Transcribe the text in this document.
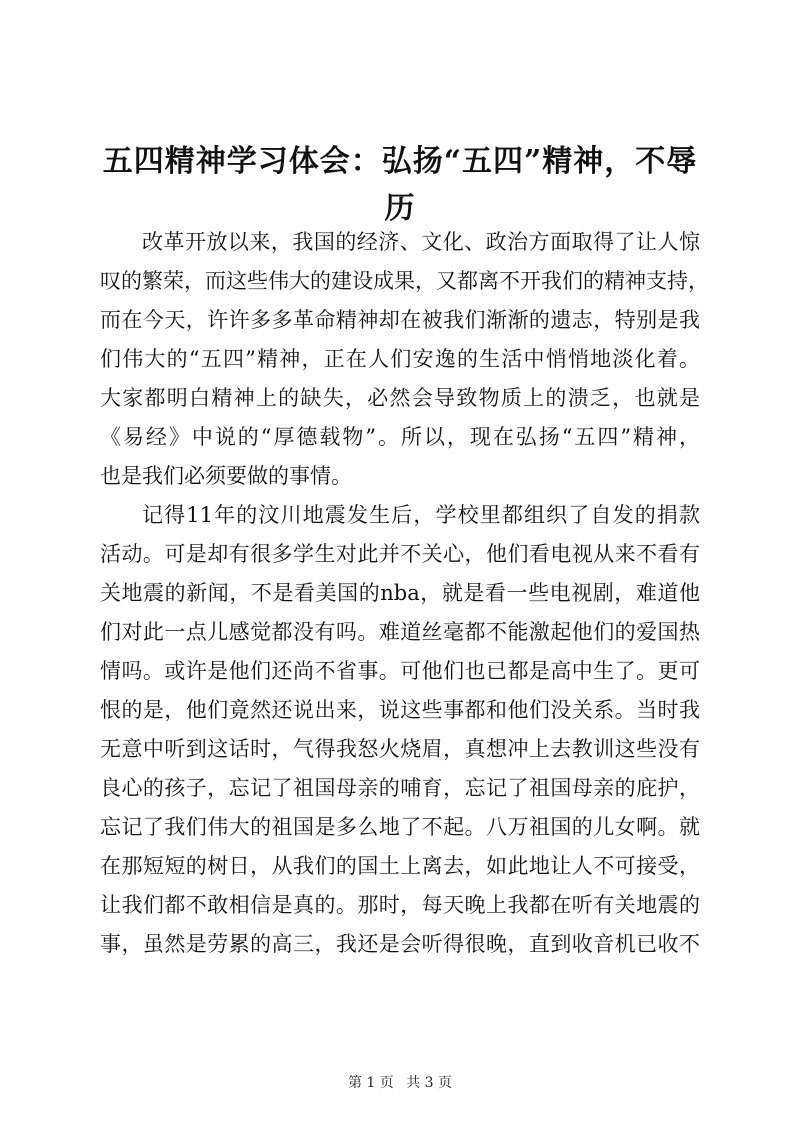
五四精神学习体会：弘扬“五四”精神，不辱
历
改革开放以来，我国的经济、文化、政治方面取得了让人惊
叹的繁荣，而这些伟大的建设成果，又都离不开我们的精神支持，
而在今天，许许多多革命精神却在被我们渐渐的遗志，特别是我
们伟大的“五四”精神，正在人们安逸的生活中悄悄地淡化着。
大家都明白精神上的缺失，必然会导致物质上的溃乏，也就是
《易经》中说的“厚德载物”。所以，现在弘扬“五四”精神，
也是我们必须要做的事情。
记得11年的汶川地震发生后，学校里都组织了自发的捐款
活动。可是却有很多学生对此并不关心，他们看电视从来不看有
关地震的新闻，不是看美国的nba，就是看一些电视剧，难道他
们对此一点儿感觉都没有吗。难道丝毫都不能激起他们的爱国热
情吗。或许是他们还尚不省事。可他们也已都是高中生了。更可
恨的是，他们竟然还说出来，说这些事都和他们没关系。当时我
无意中听到这话时，气得我怒火烧眉，真想冲上去教训这些没有
良心的孩子，忘记了祖国母亲的哺育，忘记了祖国母亲的庇护，
忘记了我们伟大的祖国是多么地了不起。八万祖国的儿女啊。就
在那短短的树日，从我们的国土上离去，如此地让人不可接受，
让我们都不敢相信是真的。那时，每天晚上我都在听有关地震的
事，虽然是劳累的高三，我还是会听得很晚，直到收音机已收不
第 1 页 共 3 页
